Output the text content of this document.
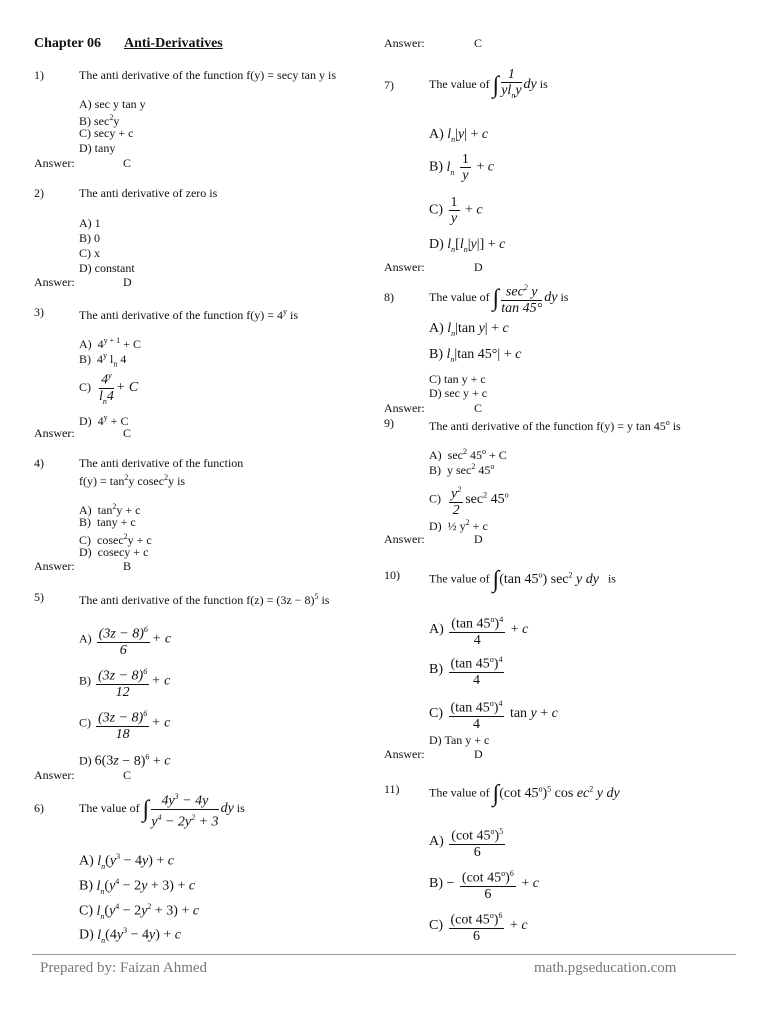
Chapter 06 Anti-Derivatives
1)	The anti derivative of the function f(y) = secy tan y is
A) sec y tan y
B) $\sec^2y$
C) secy + c
D) tany
Answer:	C
2)	The anti derivative of zero is
A) 1
B) 0
C) x
D) constant
Answer:	D
3)	The anti derivative of the function $f(y) = 4^y$ is
A)  $4^{y + 1} + C$
B)  4$^y$ $l_n$ 4
$C) \frac{4^y}{l_n4} + C$
D)  $4^y + C$
Answer:	C
4)	The anti derivative of the function
$f(y) = \tan^2y$ cosec$^2$y is
A)  $\tan^2y + c$
B)  tany + c
C)  cosec$^2$y + c
D)  cosecy + c
Answer:	B
5)	The anti derivative of the function $f(z) = (3z - 8)^5$ is
$A) \frac{(3z - 8)^6}{6} + c$
$B) \frac{(3z - 8)^6}{12} + c$
$C) \frac{(3z - 8)^6}{18} + c$
D) $6(3z - 8)^6 + c$
Answer:	C
6)	The value of ∫ $\frac{4y^3 - 4y}{y^4 - 2y^2 + 3}$ dy is
A) $l_n(y^3 - 4y) + c$
B) $l_n(y^4 - 2y + 3) + c$
C) $l_n(y^4 - 2y^2 + 3) + c$
D) $l_n(4y^3 - 4y) + c$
Answer:	C
7)	The value of ∫ $\frac{1}{yl_ny}$ dy is
A) $l_n|y| + c$
B) $l_n \frac{1}{y} + c$
$C) \frac{1}{y} + c$
D) $l_n[l_n|y|] + c$
Answer:	D
8)	The value of ∫ $\frac{\sec^2 y}{\tan 45^\circ}$ dy is
A) $l_n|\tan$ y| + c
B) $l_n|\tan$ 45°| + c
C) tan y + c
D) sec y + c
Answer:	C
9)	The anti derivative of the function f(y) = y tan 45$^o$ is
A)  $\sec^2 45^o + C$
B)  y $\sec^2 45^o$
$C) \frac{y^2}{2} \sec^2 45^o$
D)  ½ $y^2 + c$
Answer:	D
10) The value of ∫(tan 45$^o$) $\sec^2 y$ dy   is
$A) \frac{(\tan 45^o)^4}{4} + c$
$B) \frac{(\tan 45^o)^4}{4}$
$C) \frac{(\tan 45^o)^4}{4}$ tan y + c
D) Tan y + c
Answer:	D
11) The value of ∫(cot 45$^o$)$^5$ $\cos ec^2$ y dy
$A) \frac{(\cot 45^o)^5}{6}$
$B) - \frac{(\cot 45^o)^6}{6} + c$
$C) \frac{(\cot 45^o)^6}{6} + c$
Prepared by: Faizan Ahmed	math.pgseducation.com
